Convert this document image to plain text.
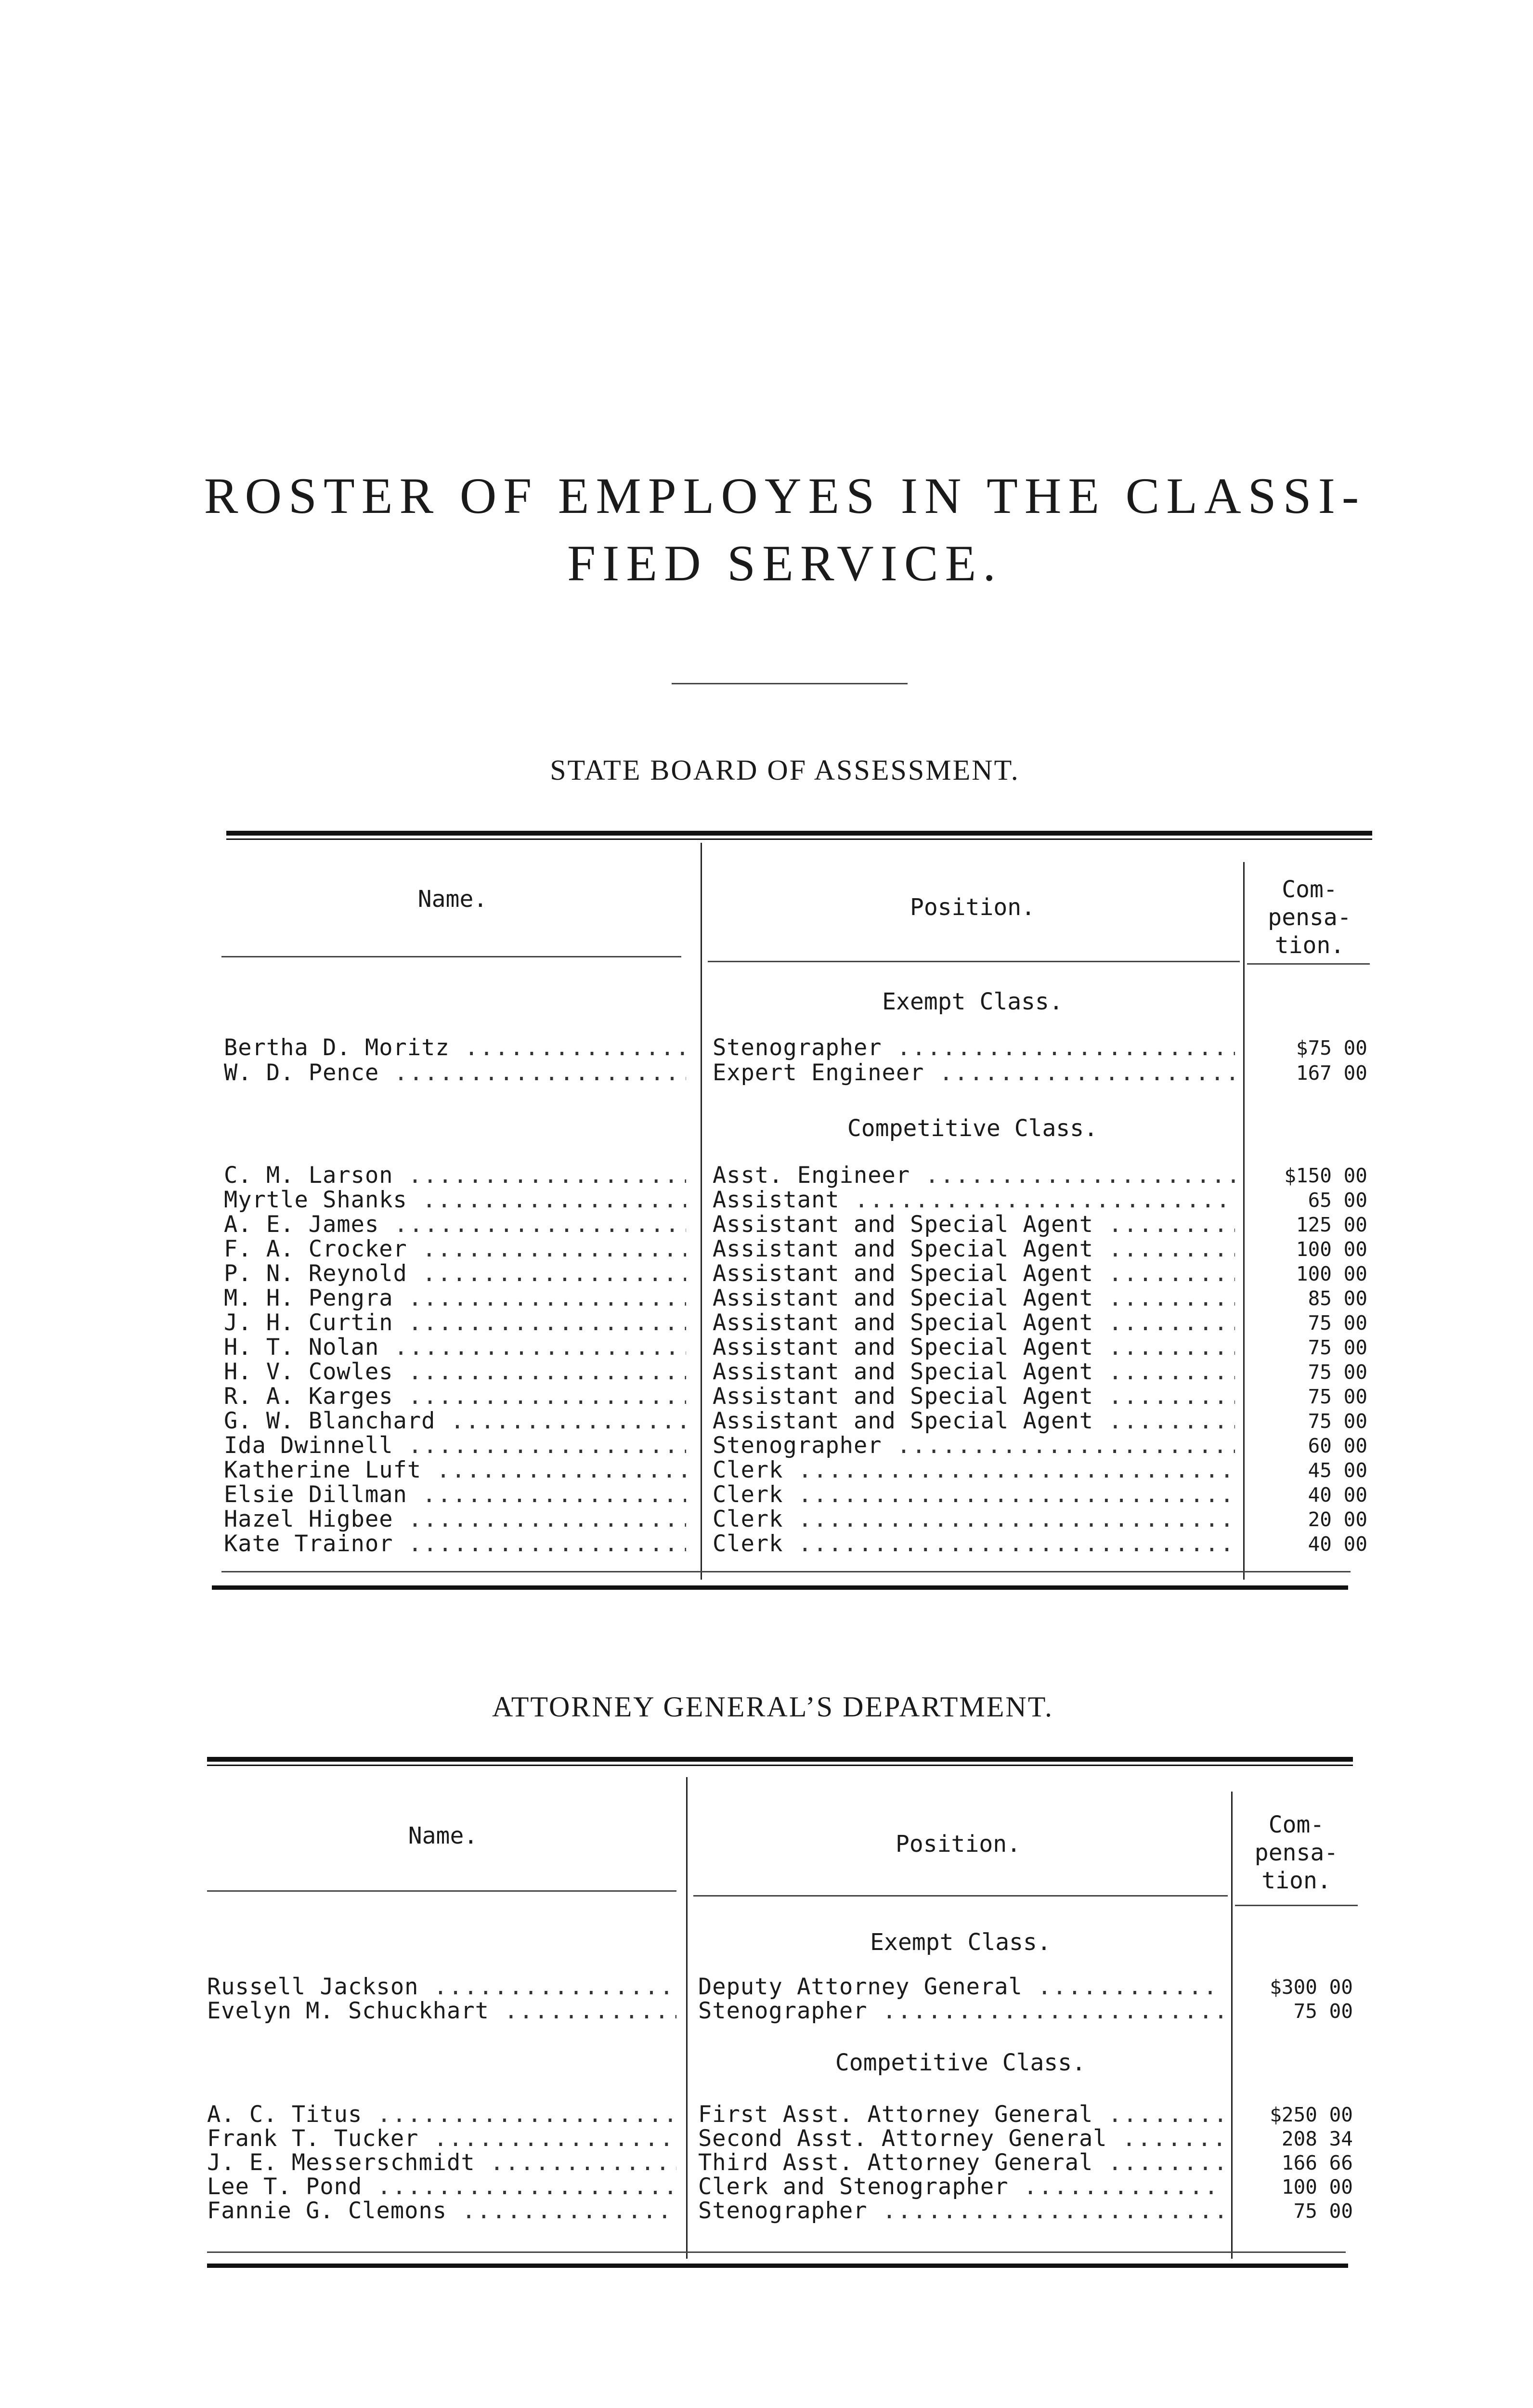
ROSTER OF EMPLOYES IN THE CLASSI-
FIED SERVICE.
STATE BOARD OF ASSESSMENT.
Name.	Position.
Com-
pensa-
tion.
Exempt Class.
Bertha D. Moritz .....	Stenographer .....	$75 00
W. D. Pence .....	Expert Engineer .....	167 00
Competitive Class.
C. M. Larson .....	Asst. Engineer .....	$150 00
Myrtle Shanks .....	Assistant .....	65 00
A. E. James .....	Assistant and Special Agent .....	125 00
F. A. Crocker .....	Assistant and Special Agent .....	100 00
P. N. Reynold .....	Assistant and Special Agent .....	100 00
M. H. Pengra .....	Assistant and Special Agent .....	85 00
J. H. Curtin .....	Assistant and Special Agent .....	75 00
H. T. Nolan .....	Assistant and Special Agent .....	75 00
H. V. Cowles .....	Assistant and Special Agent .....	75 00
R. A. Karges .....	Assistant and Special Agent .....	75 00
G. W. Blanchard .....	Assistant and Special Agent .....	75 00
Ida Dwinnell .....	Stenographer .....	60 00
Katherine Luft .....	Clerk .....	45 00
Elsie Dillman .....	Clerk .....	40 00
Hazel Higbee .....	Clerk .....	20 00
Kate Trainor .....	Clerk .....	40 00
ATTORNEY GENERAL’S DEPARTMENT.
Name.	Position.
Com-
pensa-
tion.
Exempt Class.
Russell Jackson .....	Deputy Attorney General .....	$300 00
Evelyn M. Schuckhart .....	Stenographer .....	75 00
Competitive Class.
A. C. Titus .....	First Asst. Attorney General .....	$250 00
Frank T. Tucker .....	Second Asst. Attorney General .....	208 34
J. E. Messerschmidt .....	Third Asst. Attorney General .....	166 66
Lee T. Pond .....	Clerk and Stenographer .....	100 00
Fannie G. Clemons .....	Stenographer .....	75 00
